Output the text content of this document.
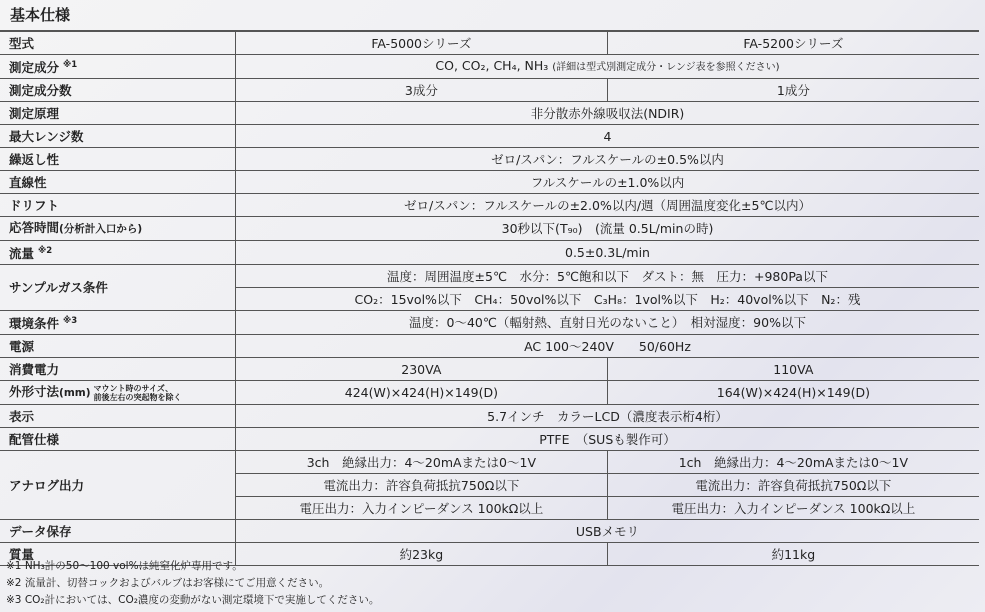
基本仕様
型式	FA-5000シリーズ	FA-5200シリーズ
測定成分 $^{※1}$	CO, CO₂, CH₄, NH₃ (詳細は型式別測定成分・レンジ表を参照ください)	
測定成分数	3成分	1成分
測定原理	非分散赤外線吸収法(NDIR)	
最大レンジ数	4	
繰返し性	ゼロ/スパン：フルスケールの±0.5%以内	
直線性	フルスケールの±1.0%以内	
ドリフト	ゼロ/スパン：フルスケールの±2.0%以内/週（周囲温度変化±5℃以内）	
応答時間(分析計入口から)	30秒以下(T₉₀)　(流量 0.5L/minの時)	
流量 $^{※2}$	0.5±0.3L/min	
サンプルガス条件	温度：周囲温度±5℃　水分：5℃飽和以下　ダスト：無　圧力：+980Pa以下	
	CO₂：15vol%以下　CH₄：50vol%以下　C₃H₈：1vol%以下　H₂：40vol%以下　N₂：残	
環境条件 $^{※3}$	温度：0～40℃（輻射熱、直射日光のないこと）　相対湿度：90%以下	
電源	AC 100～240V　　50/60Hz	
消費電力	230VA	110VA
外形寸法(mm) マウント時のサイズ、
前後左右の突起物を除く	424(W)×424(H)×149(D)	164(W)×424(H)×149(D)
表示	5.7インチ　カラーLCD（濃度表示桁4桁）	
配管仕様	PTFE　（SUSも製作可）	
アナログ出力	3ch　絶縁出力：4～20mAまたは0～1V	1ch　絶縁出力：4～20mAまたは0～1V
	電流出力：許容負荷抵抗750Ω以下	電流出力：許容負荷抵抗750Ω以下
	電圧出力：入力インピーダンス 100kΩ以上	電圧出力：入力インピーダンス 100kΩ以上
データ保存	USBメモリ	
質量	約23kg	約11kg
※1 NH₃計の50～100 vol%は純窒化炉専用です。
※2 流量計、切替コックおよびバルブはお客様にてご用意ください。
※3 CO₂計においては、CO₂濃度の変動がない測定環境下で実施してください。
